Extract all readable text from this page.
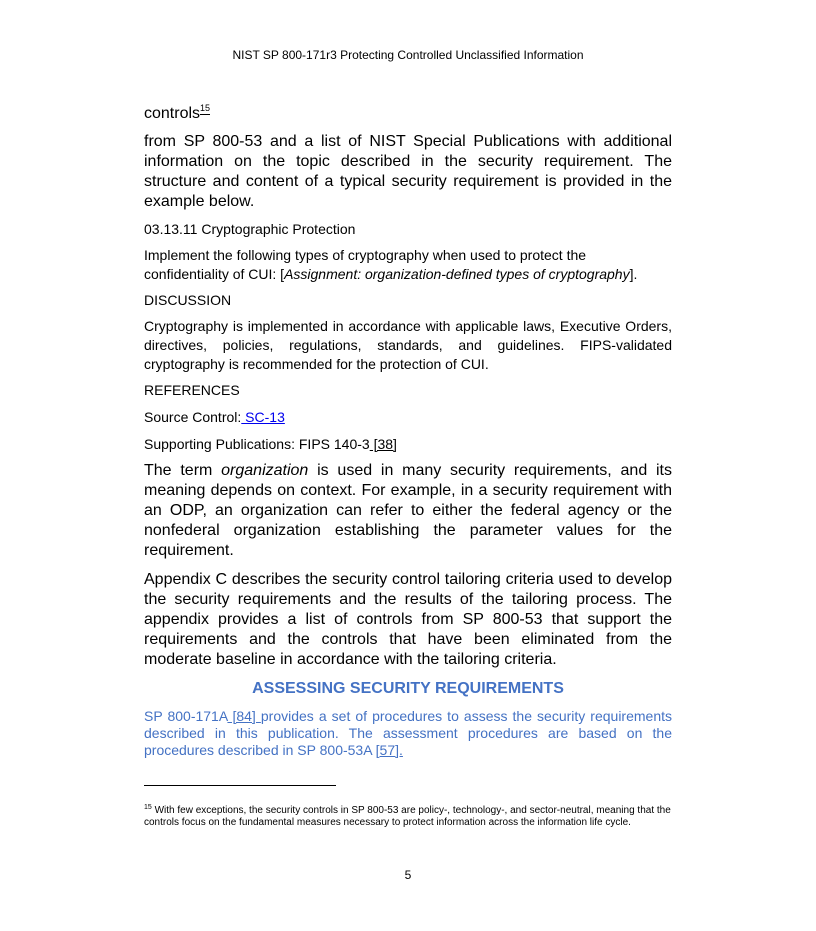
NIST SP 800-171r3 Protecting Controlled Unclassified Information

controls$^{15}$

from SP 800-53 and a list of NIST Special Publications with additional information on the topic described in the security requirement. The structure and content of a typical security requirement is provided in the example below.

03.13.11 Cryptographic Protection

Implement the following types of cryptography when used to protect the confidentiality of CUI: [Assignment: organization-defined types of cryptography].

DISCUSSION

Cryptography is implemented in accordance with applicable laws, Executive Orders, directives, policies, regulations, standards, and guidelines. FIPS-validated cryptography is recommended for the protection of CUI.

REFERENCES

Source Control: SC-13

Supporting Publications: FIPS 140-3 [38]

The term organization is used in many security requirements, and its meaning depends on context. For example, in a security requirement with an ODP, an organization can refer to either the federal agency or the nonfederal organization establishing the parameter values for the requirement.

Appendix C describes the security control tailoring criteria used to develop the security requirements and the results of the tailoring process. The appendix provides a list of controls from SP 800-53 that support the requirements and the controls that have been eliminated from the moderate baseline in accordance with the tailoring criteria.

ASSESSING SECURITY REQUIREMENTS

SP 800-171A [84] provides a set of procedures to assess the security requirements described in this publication. The assessment procedures are based on the procedures described in SP 800-53A [57].

$^{15}$ With few exceptions, the security controls in SP 800-53 are policy-, technology-, and sector-neutral, meaning that the controls focus on the fundamental measures necessary to protect information across the information life cycle.

5
